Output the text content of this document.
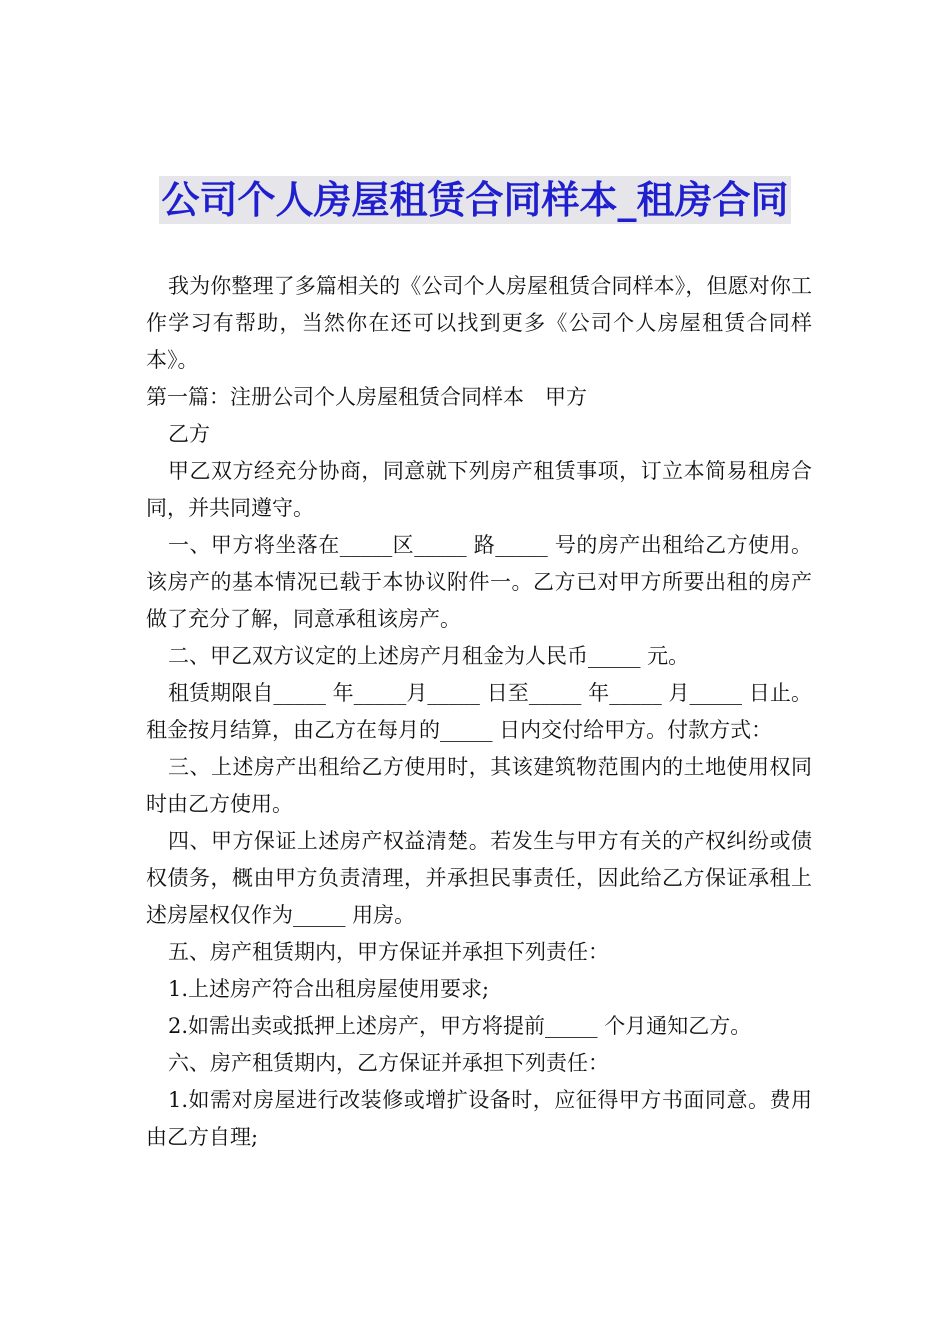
公司个人房屋租赁合同样本_租房合同

我为你整理了多篇相关的《公司个人房屋租赁合同样本》，但愿对你工作学习有帮助，当然你在还可以找到更多《公司个人房屋租赁合同样本》。

第一篇：注册公司个人房屋租赁合同样本　甲方

乙方

甲乙双方经充分协商，同意就下列房产租赁事项，订立本简易租房合同，并共同遵守。

一、甲方将坐落在_____区_____ 路_____ 号的房产出租给乙方使用。该房产的基本情况已载于本协议附件一。乙方已对甲方所要出租的房产做了充分了解，同意承租该房产。

二、甲乙双方议定的上述房产月租金为人民币_____ 元。

租赁期限自_____ 年_____月_____ 日至_____ 年_____ 月_____ 日止。租金按月结算，由乙方在每月的_____ 日内交付给甲方。付款方式：

三、上述房产出租给乙方使用时，其该建筑物范围内的土地使用权同时由乙方使用。

四、甲方保证上述房产权益清楚。若发生与甲方有关的产权纠纷或债权债务，概由甲方负责清理，并承担民事责任，因此给乙方保证承租上述房屋权仅作为_____ 用房。

五、房产租赁期内，甲方保证并承担下列责任：

1.上述房产符合出租房屋使用要求;

2.如需出卖或抵押上述房产，甲方将提前_____ 个月通知乙方。

六、房产租赁期内，乙方保证并承担下列责任：

1.如需对房屋进行改装修或增扩设备时，应征得甲方书面同意。费用由乙方自理;
